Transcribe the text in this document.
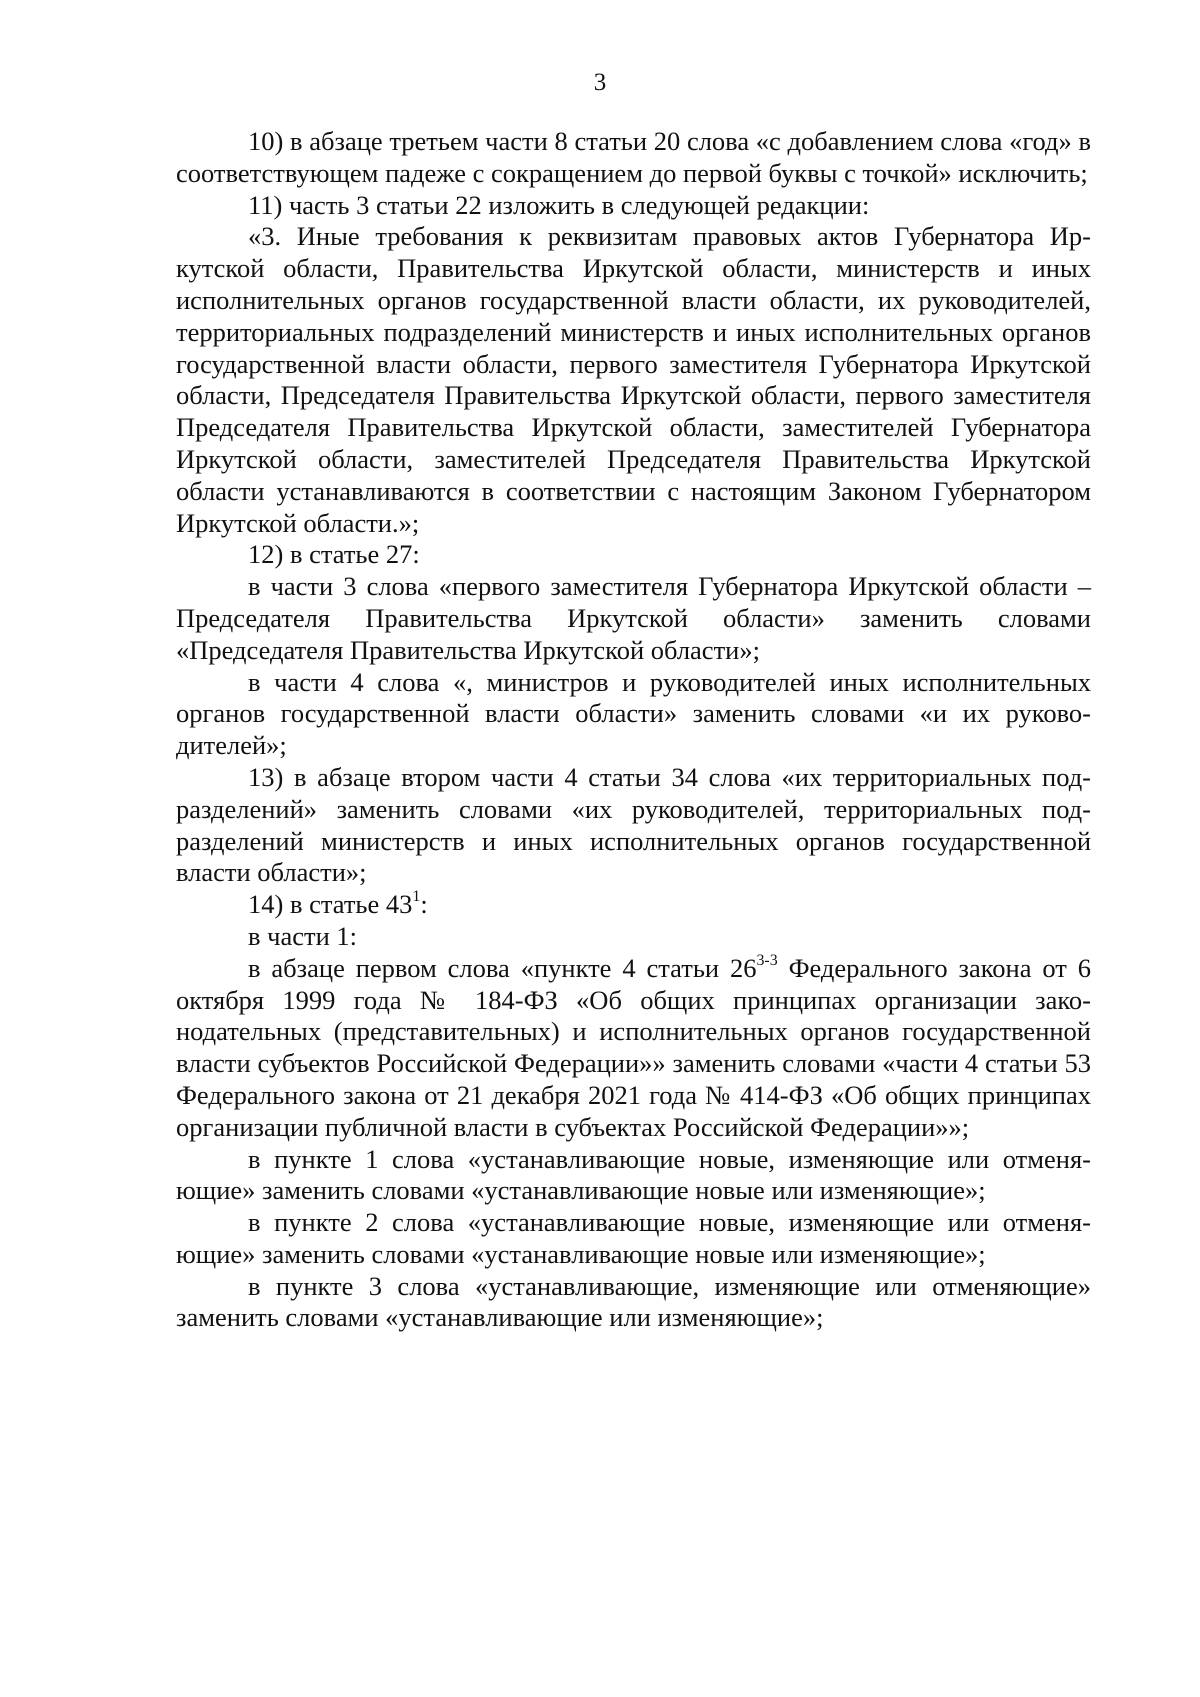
3

10) в абзаце третьем части 8 статьи 20 слова «с добавлением слова «год» в соответствующем падеже с сокращением до первой буквы с точкой» исключить;

11) часть 3 статьи 22 изложить в следующей редакции:

«3. Иные требования к реквизитам правовых актов Губернатора Иркутской области, Правительства Иркутской области, министерств и иных исполнительных органов государственной власти области, их руководителей, территориальных подразделений министерств и иных исполнительных органов государственной власти области, первого заместителя Губернатора Иркутской области, Председателя Правительства Иркутской области, первого заместителя Председателя Правительства Иркутской области, заместителей Губернатора Иркутской области, заместителей Председателя Правительства Иркутской области устанавливаются в соответствии с настоящим Законом Губернатором Иркутской области.»;

12) в статье 27:

в части 3 слова «первого заместителя Губернатора Иркутской области – Председателя Правительства Иркутской области» заменить словами «Председателя Правительства Иркутской области»;

в части 4 слова «, министров и руководителей иных исполнительных органов государственной власти области» заменить словами «и их руководителей»;

13) в абзаце втором части 4 статьи 34 слова «их территориальных подразделений» заменить словами «их руководителей, территориальных подразделений министерств и иных исполнительных органов государственной власти области»;

14) в статье $43^1$:

в части 1:

в абзаце первом слова «пункте 4 статьи 26$^{3-3}$ Федерального закона от 6 октября 1999 года № 184-ФЗ «Об общих принципах организации законодательных (представительных) и исполнительных органов государственной власти субъектов Российской Федерации»» заменить словами «части 4 статьи 53 Федерального закона от 21 декабря 2021 года № 414-ФЗ «Об общих принципах организации публичной власти в субъектах Российской Федерации»»;

в пункте 1 слова «устанавливающие новые, изменяющие или отменяющие» заменить словами «устанавливающие новые или изменяющие»;

в пункте 2 слова «устанавливающие новые, изменяющие или отменяющие» заменить словами «устанавливающие новые или изменяющие»;

в пункте 3 слова «устанавливающие, изменяющие или отменяющие» заменить словами «устанавливающие или изменяющие»;
